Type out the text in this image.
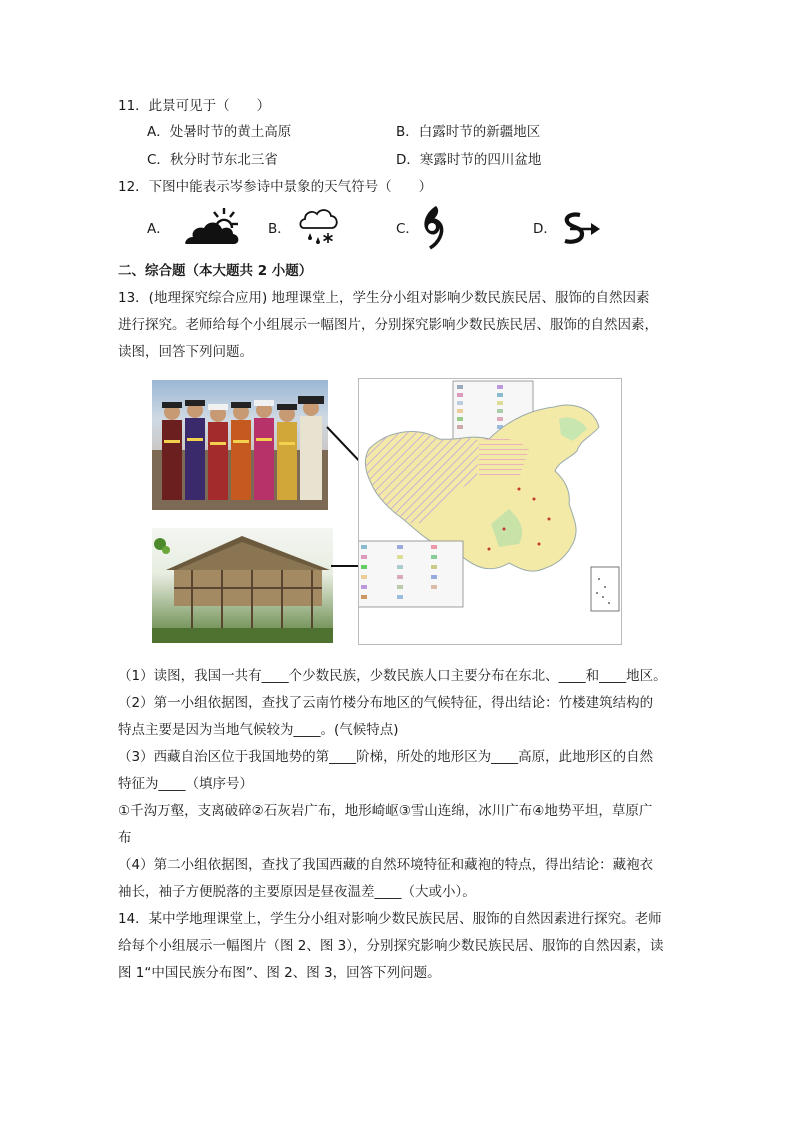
11．此景可见于（　　）
A．处暑时节的黄土高原	B．白露时节的新疆地区
C．秋分时节东北三省	D．寒露时节的四川盆地
12．下图中能表示岑参诗中景象的天气符号（　　）
A．	B．	C．	D．
二、综合题（本大题共 2 小题）
13．(地理探究综合应用) 地理课堂上，学生分小组对影响少数民族民居、服饰的自然因素
进行探究。老师给每个小组展示一幅图片，分别探究影响少数民族民居、服饰的自然因素，
读图，回答下列问题。
（1）读图，我国一共有____个少数民族，少数民族人口主要分布在东北、____和____地区。
（2）第一小组依据图，查找了云南竹楼分布地区的气候特征，得出结论：竹楼建筑结构的
特点主要是因为当地气候较为____。(气候特点)
（3）西藏自治区位于我国地势的第____阶梯，所处的地形区为____高原，此地形区的自然
特征为____（填序号）
①千沟万壑，支离破碎②石灰岩广布，地形崎岖③雪山连绵，冰川广布④地势平坦，草原广
布
（4）第二小组依据图，查找了我国西藏的自然环境特征和藏袍的特点，得出结论：藏袍衣
袖长，袖子方便脱落的主要原因是昼夜温差____（大或小）。
14．某中学地理课堂上，学生分小组对影响少数民族民居、服饰的自然因素进行探究。老师
给每个小组展示一幅图片（图 2、图 3），分别探究影响少数民族民居、服饰的自然因素，读
图 1“中国民族分布图”、图 2、图 3，回答下列问题。
